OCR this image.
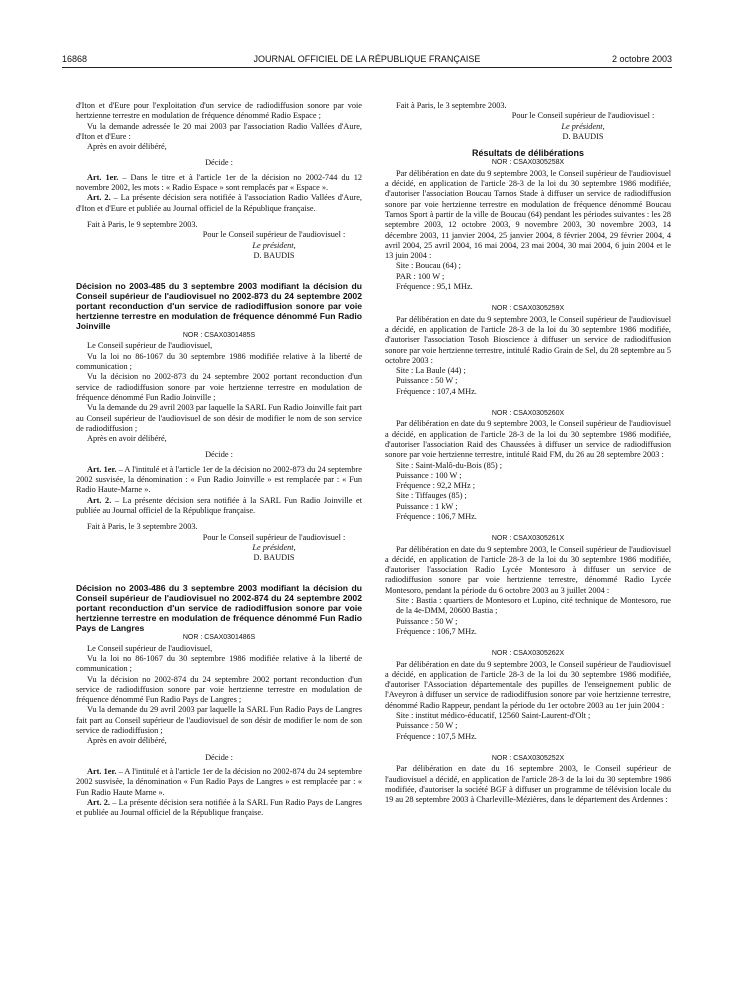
16868	JOURNAL OFFICIEL DE LA RÉPUBLIQUE FRANÇAISE	2 octobre 2003

d'Iton et d'Eure pour l'exploitation d'un service de radiodiffusion sonore par voie hertzienne terrestre en modulation de fréquence dénommé Radio Espace ;

Vu la demande adressée le 20 mai 2003 par l'association Radio Vallées d'Aure, d'Iton et d'Eure :

Après en avoir délibéré,

Décide :

Art. 1er. – Dans le titre et à l'article 1er de la décision no 2002-744 du 12 novembre 2002, les mots : « Radio Espace » sont remplacés par « Espace ».

Art. 2. – La présente décision sera notifiée à l'association Radio Vallées d'Aure, d'Iton et d'Eure et publiée au Journal officiel de la République française.

Fait à Paris, le 9 septembre 2003.

Pour le Conseil supérieur de l'audiovisuel :

Le président,

D. BAUDIS

Décision no 2003-485 du 3 septembre 2003 modifiant la décision du Conseil supérieur de l'audiovisuel no 2002-873 du 24 septembre 2002 portant reconduction d'un service de radiodiffusion sonore par voie hertzienne terrestre en modulation de fréquence dénommé Fun Radio Joinville

NOR : CSAX0301485S

Le Conseil supérieur de l'audiovisuel,

Vu la loi no 86-1067 du 30 septembre 1986 modifiée relative à la liberté de communication ;

Vu la décision no 2002-873 du 24 septembre 2002 portant reconduction d'un service de radiodiffusion sonore par voie hertzienne terrestre en modulation de fréquence dénommé Fun Radio Joinville ;

Vu la demande du 29 avril 2003 par laquelle la SARL Fun Radio Joinville fait part au Conseil supérieur de l'audiovisuel de son désir de modifier le nom de son service de radiodiffusion ;

Après en avoir délibéré,

Décide :

Art. 1er. – A l'intitulé et à l'article 1er de la décision no 2002-873 du 24 septembre 2002 susvisée, la dénomination : « Fun Radio Joinville » est remplacée par : « Fun Radio Haute-Marne ».

Art. 2. – La présente décision sera notifiée à la SARL Fun Radio Joinville et publiée au Journal officiel de la République française.

Fait à Paris, le 3 septembre 2003.

Pour le Conseil supérieur de l'audiovisuel :

Le président,

D. BAUDIS

Décision no 2003-486 du 3 septembre 2003 modifiant la décision du Conseil supérieur de l'audiovisuel no 2002-874 du 24 septembre 2002 portant reconduction d'un service de radiodiffusion sonore par voie hertzienne terrestre en modulation de fréquence dénommé Fun Radio Pays de Langres

NOR : CSAX0301486S

Le Conseil supérieur de l'audiovisuel,

Vu la loi no 86-1067 du 30 septembre 1986 modifiée relative à la liberté de communication ;

Vu la décision no 2002-874 du 24 septembre 2002 portant reconduction d'un service de radiodiffusion sonore par voie hertzienne terrestre en modulation de fréquence dénommé Fun Radio Pays de Langres ;

Vu la demande du 29 avril 2003 par laquelle la SARL Fun Radio Pays de Langres fait part au Conseil supérieur de l'audiovisuel de son désir de modifier le nom de son service de radiodiffusion ;

Après en avoir délibéré,

Décide :

Art. 1er. – A l'intitulé et à l'article 1er de la décision no 2002-874 du 24 septembre 2002 susvisée, la dénomination « Fun Radio Pays de Langres » est remplacée par : « Fun Radio Haute Marne ».

Art. 2. – La présente décision sera notifiée à la SARL Fun Radio Pays de Langres et publiée au Journal officiel de la République française.

Fait à Paris, le 3 septembre 2003.

Pour le Conseil supérieur de l'audiovisuel :

Le président,

D. BAUDIS

Résultats de délibérations

NOR : CSAX0305258X

Par délibération en date du 9 septembre 2003, le Conseil supérieur de l'audiovisuel a décidé, en application de l'article 28-3 de la loi du 30 septembre 1986 modifiée, d'autoriser l'association Boucau Tarnos Stade à diffuser un service de radiodiffusion sonore par voie hertzienne terrestre en modulation de fréquence dénommé Boucau Tarnos Sport à partir de la ville de Boucau (64) pendant les périodes suivantes : les 28 septembre 2003, 12 octobre 2003, 9 novembre 2003, 30 novembre 2003, 14 décembre 2003, 11 janvier 2004, 25 janvier 2004, 8 février 2004, 29 février 2004, 4 avril 2004, 25 avril 2004, 16 mai 2004, 23 mai 2004, 30 mai 2004, 6 juin 2004 et le 13 juin 2004 :

Site : Boucau (64) ;

PAR : 100 W ;

Fréquence : 95,1 MHz.

NOR : CSAX0305259X

Par délibération en date du 9 septembre 2003, le Conseil supérieur de l'audiovisuel a décidé, en application de l'article 28-3 de la loi du 30 septembre 1986 modifiée, d'autoriser l'association Tosoh Bioscience à diffuser un service de radiodiffusion sonore par voie hertzienne terrestre, intitulé Radio Grain de Sel, du 28 septembre au 5 octobre 2003 :

Site : La Baule (44) ;

Puissance : 50 W ;

Fréquence : 107,4 MHz.

NOR : CSAX0305260X

Par délibération en date du 9 septembre 2003, le Conseil supérieur de l'audiovisuel a décidé, en application de l'article 28-3 de la loi du 30 septembre 1986 modifiée, d'autoriser l'association Raid des Chaussées à diffuser un service de radiodiffusion sonore par voie hertzienne terrestre, intitulé Raid FM, du 26 au 28 septembre 2003 :

Site : Saint-Malô-du-Bois (85) ;

Puissance : 100 W ;

Fréquence : 92,2 MHz ;

Site : Tiffauges (85) ;

Puissance : 1 kW ;

Fréquence : 106,7 MHz.

NOR : CSAX0305261X

Par délibération en date du 9 septembre 2003, le Conseil supérieur de l'audiovisuel a décidé, en application de l'article 28-3 de la loi du 30 septembre 1986 modifiée, d'autoriser l'association Radio Lycée Montesoro à diffuser un service de radiodiffusion sonore par voie hertzienne terrestre, dénommé Radio Lycée Montesoro, pendant la période du 6 octobre 2003 au 3 juillet 2004 :

Site : Bastia : quartiers de Montesoro et Lupino, cité technique de Montesoro, rue de la 4e-DMM, 20600 Bastia ;

Puissance : 50 W ;

Fréquence : 106,7 MHz.

NOR : CSAX0305262X

Par délibération en date du 9 septembre 2003, le Conseil supérieur de l'audiovisuel a décidé, en application de l'article 28-3 de la loi du 30 septembre 1986 modifiée, d'autoriser l'Association départementale des pupilles de l'enseignement public de l'Aveyron à diffuser un service de radiodiffusion sonore par voie hertzienne terrestre, dénommé Radio Rappeur, pendant la période du 1er octobre 2003 au 1er juin 2004 :

Site : institut médico-éducatif, 12560 Saint-Laurent-d'Olt ;

Puissance : 50 W ;

Fréquence : 107,5 MHz.

NOR : CSAX0305252X

Par délibération en date du 16 septembre 2003, le Conseil supérieur de l'audiovisuel a décidé, en application de l'article 28-3 de la loi du 30 septembre 1986 modifiée, d'autoriser la société BGF à diffuser un programme de télévision locale du 19 au 28 septembre 2003 à Charleville-Mézières, dans le département des Ardennes :
